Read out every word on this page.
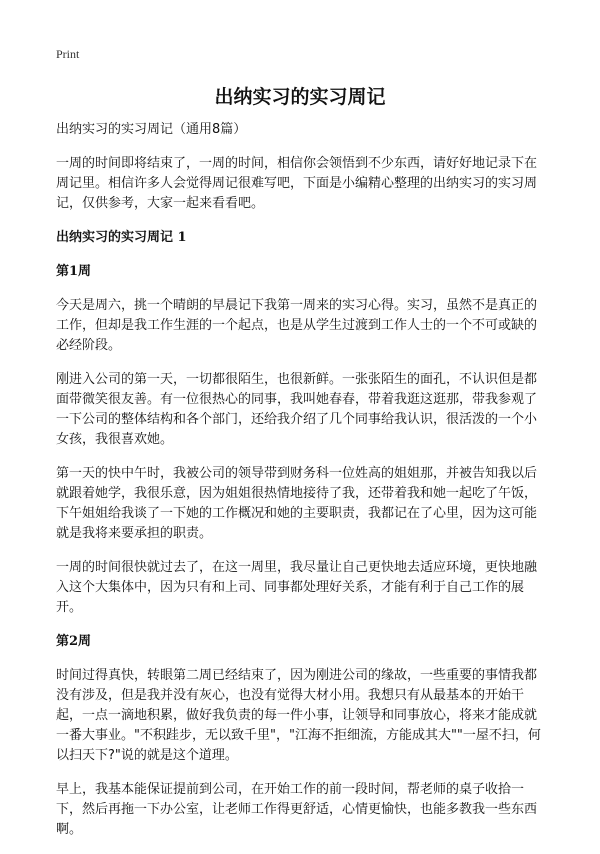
Print
出纳实习的实习周记

出纳实习的实习周记（通用8篇）

一周的时间即将结束了，一周的时间，相信你会领悟到不少东西，请好好地记录下在周记里。相信许多人会觉得周记很难写吧，下面是小编精心整理的出纳实习的实习周记，仅供参考，大家一起来看看吧。

出纳实习的实习周记 1

第1周

今天是周六，挑一个晴朗的早晨记下我第一周来的实习心得。实习，虽然不是真正的工作，但却是我工作生涯的一个起点，也是从学生过渡到工作人士的一个不可或缺的必经阶段。

刚进入公司的第一天，一切都很陌生，也很新鲜。一张张陌生的面孔，不认识但是都面带微笑很友善。有一位很热心的同事，我叫她春春，带着我逛这逛那，带我参观了一下公司的整体结构和各个部门，还给我介绍了几个同事给我认识，很活泼的一个小女孩，我很喜欢她。

第一天的快中午时，我被公司的领导带到财务科一位姓高的姐姐那，并被告知我以后就跟着她学，我很乐意，因为姐姐很热情地接待了我，还带着我和她一起吃了午饭，下午姐姐给我谈了一下她的工作概况和她的主要职责，我都记在了心里，因为这可能就是我将来要承担的职责。

一周的时间很快就过去了，在这一周里，我尽量让自己更快地去适应环境，更快地融入这个大集体中，因为只有和上司、同事都处理好关系，才能有利于自己工作的展开。

第2周

时间过得真快，转眼第二周已经结束了，因为刚进公司的缘故，一些重要的事情我都没有涉及，但是我并没有灰心，也没有觉得大材小用。我想只有从最基本的开始干起，一点一滴地积累，做好我负责的每一件小事，让领导和同事放心，将来才能成就一番大事业。"不积跬步，无以致千里"，"江海不拒细流，方能成其大""一屋不扫，何以扫天下?"说的就是这个道理。

早上，我基本能保证提前到公司，在开始工作的前一段时间，帮老师的桌子收拾一下，然后再拖一下办公室，让老师工作得更舒适，心情更愉快，也能多教我一些东西啊。
